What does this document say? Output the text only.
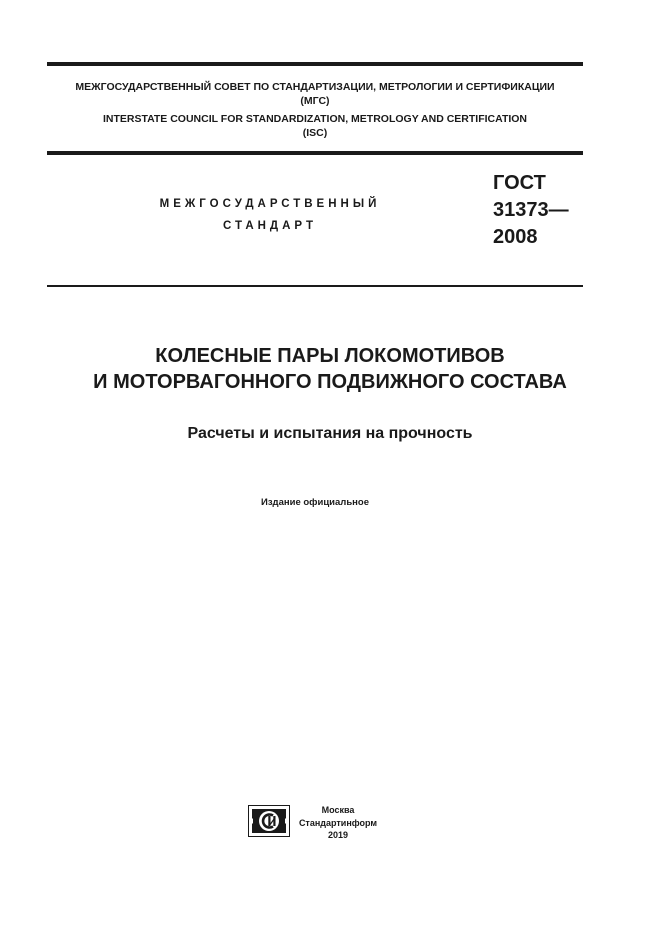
МЕЖГОСУДАРСТВЕННЫЙ СОВЕТ ПО СТАНДАРТИЗАЦИИ, МЕТРОЛОГИИ И СЕРТИФИКАЦИИ
(МГС)
INTERSTATE COUNCIL FOR STANDARDIZATION, METROLOGY AND CERTIFICATION
(ISC)
МЕЖГОСУДАРСТВЕННЫЙ
СТАНДАРТ
ГОСТ
31373—
2008
КОЛЕСНЫЕ ПАРЫ ЛОКОМОТИВОВ
И МОТОРВАГОННОГО ПОДВИЖНОГО СОСТАВА
Расчеты и испытания на прочность
Издание официальное
Москва
Стандартинформ
2019
